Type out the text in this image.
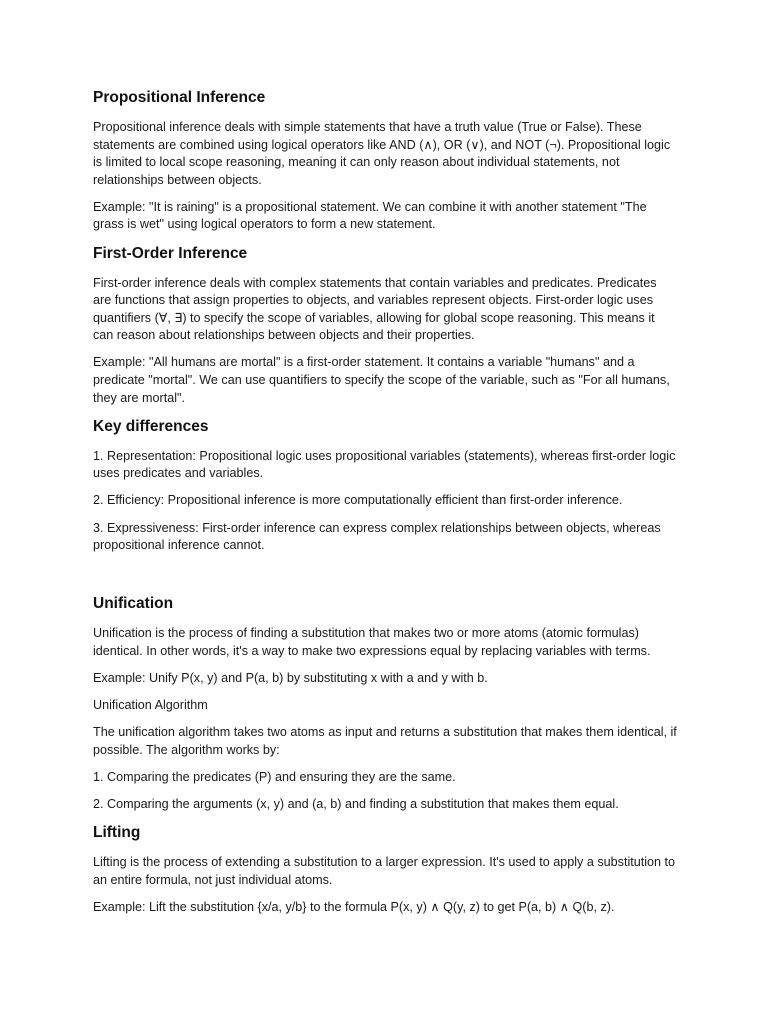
Propositional Inference

Propositional inference deals with simple statements that have a truth value (True or False). These statements are combined using logical operators like AND (∧), OR (∨), and NOT (¬). Propositional logic is limited to local scope reasoning, meaning it can only reason about individual statements, not relationships between objects.

Example: "It is raining" is a propositional statement. We can combine it with another statement "The grass is wet" using logical operators to form a new statement.

First-Order Inference

First-order inference deals with complex statements that contain variables and predicates. Predicates are functions that assign properties to objects, and variables represent objects. First-order logic uses quantifiers (∀, ∃) to specify the scope of variables, allowing for global scope reasoning. This means it can reason about relationships between objects and their properties.

Example: "All humans are mortal" is a first-order statement. It contains a variable "humans" and a predicate "mortal". We can use quantifiers to specify the scope of the variable, such as "For all humans, they are mortal".

Key differences

1. Representation: Propositional logic uses propositional variables (statements), whereas first-order logic uses predicates and variables.

2. Efficiency: Propositional inference is more computationally efficient than first-order inference.

3. Expressiveness: First-order inference can express complex relationships between objects, whereas propositional inference cannot.

Unification

Unification is the process of finding a substitution that makes two or more atoms (atomic formulas) identical. In other words, it's a way to make two expressions equal by replacing variables with terms.

Example: Unify P(x, y) and P(a, b) by substituting x with a and y with b.

Unification Algorithm

The unification algorithm takes two atoms as input and returns a substitution that makes them identical, if possible. The algorithm works by:

1. Comparing the predicates (P) and ensuring they are the same.

2. Comparing the arguments (x, y) and (a, b) and finding a substitution that makes them equal.

Lifting

Lifting is the process of extending a substitution to a larger expression. It's used to apply a substitution to an entire formula, not just individual atoms.

Example: Lift the substitution {x/a, y/b} to the formula P(x, y) ∧ Q(y, z) to get P(a, b) ∧ Q(b, z).
